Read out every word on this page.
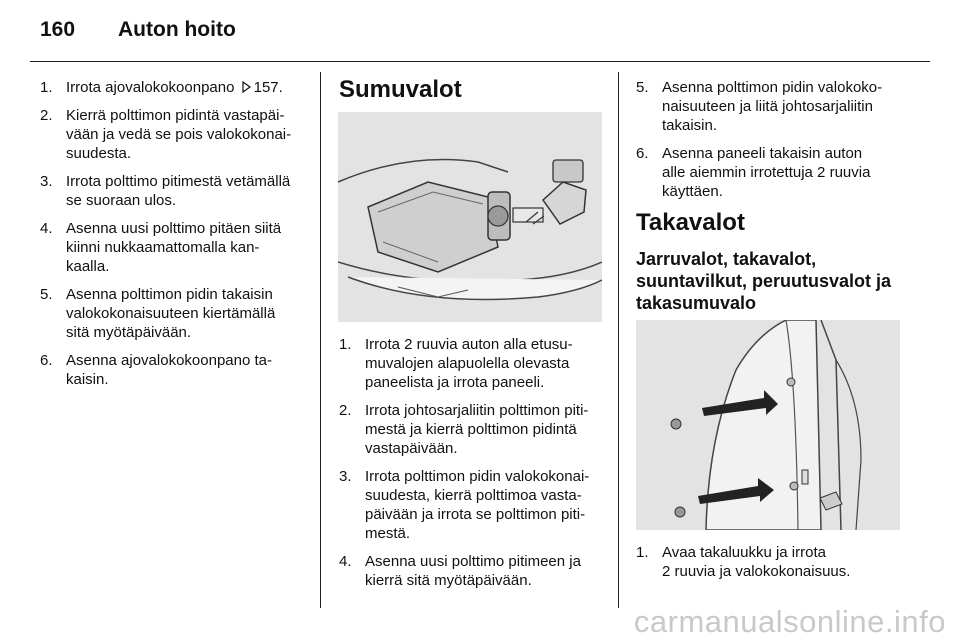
160 Auton hoito
1. Irrota ajovalokokoonpano 157.
2. Kierrä polttimon pidintä vastapäi-
vään ja vedä se pois valokokonai-
suudesta.
3. Irrota polttimo pitimestä vetämällä
se suoraan ulos.
4. Asenna uusi polttimo pitäen siitä
kiinni nukkaamattomalla kan-
kaalla.
5. Asenna polttimon pidin takaisin
valokokonaisuuteen kiertämällä
sitä myötäpäivään.
6. Asenna ajovalokokoonpano ta-
kaisin.
Sumuvalot
1. Irrota 2 ruuvia auton alla etusu-
muvalojen alapuolella olevasta
paneelista ja irrota paneeli.
2. Irrota johtosarjaliitin polttimon piti-
mestä ja kierrä polttimon pidintä
vastapäivään.
3. Irrota polttimon pidin valokokonai-
suudesta, kierrä polttimoa vasta-
päivään ja irrota se polttimon piti-
mestä.
4. Asenna uusi polttimo pitimeen ja
kierrä sitä myötäpäivään.
5. Asenna polttimon pidin valokoko-
naisuuteen ja liitä johtosarjaliitin
takaisin.
6. Asenna paneeli takaisin auton
alle aiemmin irrotettuja 2 ruuvia
käyttäen.
Takavalot
Jarruvalot, takavalot, suuntavilkut, peruutusvalot ja takasumuvalo
1. Avaa takaluukku ja irrota
2 ruuvia ja valokokonaisuus.
carmanualsonline.info
